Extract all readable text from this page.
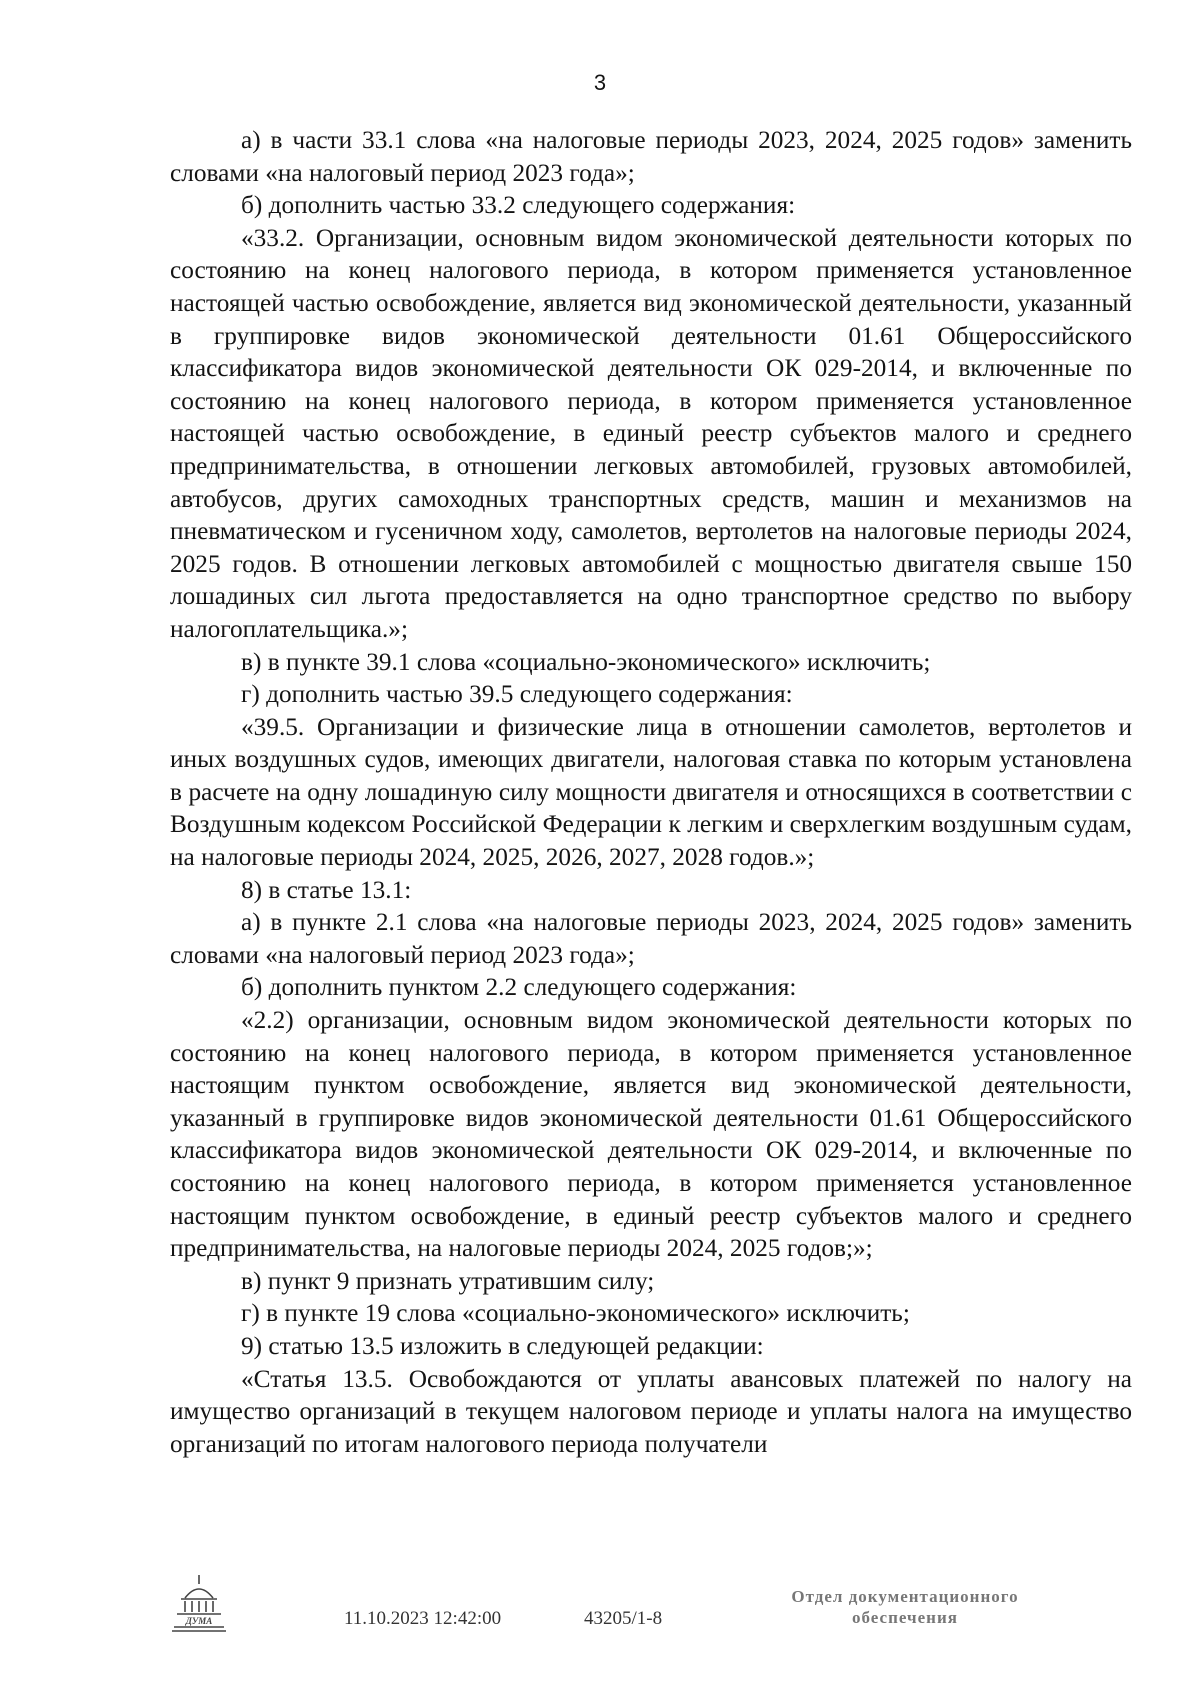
3

а) в части 33.1 слова «на налоговые периоды 2023, 2024, 2025 годов» заменить словами «на налоговый период 2023 года»;

б) дополнить частью 33.2 следующего содержания:

«33.2. Организации, основным видом экономической деятельности которых по состоянию на конец налогового периода, в котором применяется установленное настоящей частью освобождение, является вид экономической деятельности, указанный в группировке видов экономической деятельности 01.61 Общероссийского классификатора видов экономической деятельности ОК 029-2014, и включенные по состоянию на конец налогового периода, в котором применяется установленное настоящей частью освобождение, в единый реестр субъектов малого и среднего предпринимательства, в отношении легковых автомобилей, грузовых автомобилей, автобусов, других самоходных транспортных средств, машин и механизмов на пневматическом и гусеничном ходу, самолетов, вертолетов на налоговые периоды 2024, 2025 годов. В отношении легковых автомобилей с мощностью двигателя свыше 150 лошадиных сил льгота предоставляется на одно транспортное средство по выбору налогоплательщика.»;

в) в пункте 39.1 слова «социально-экономического» исключить;

г) дополнить частью 39.5 следующего содержания:

«39.5. Организации и физические лица в отношении самолетов, вертолетов и иных воздушных судов, имеющих двигатели, налоговая ставка по которым установлена в расчете на одну лошадиную силу мощности двигателя и относящихся в соответствии с Воздушным кодексом Российской Федерации к легким и сверхлегким воздушным судам, на налоговые периоды 2024, 2025, 2026, 2027, 2028 годов.»;

8) в статье 13.1:

а) в пункте 2.1 слова «на налоговые периоды 2023, 2024, 2025 годов» заменить словами «на налоговый период 2023 года»;

б) дополнить пунктом 2.2 следующего содержания:

«2.2) организации, основным видом экономической деятельности которых по состоянию на конец налогового периода, в котором применяется установленное настоящим пунктом освобождение, является вид экономической деятельности, указанный в группировке видов экономической деятельности 01.61 Общероссийского классификатора видов экономической деятельности ОК 029-2014, и включенные по состоянию на конец налогового периода, в котором применяется установленное настоящим пунктом освобождение, в единый реестр субъектов малого и среднего предпринимательства, на налоговые периоды 2024, 2025 годов;»;

в) пункт 9 признать утратившим силу;

г) в пункте 19 слова «социально-экономического» исключить;

9) статью 13.5 изложить в следующей редакции:

«Статья 13.5. Освобождаются от уплаты авансовых платежей по налогу на имущество организаций в текущем налоговом периоде и уплаты налога на имущество организаций по итогам налогового периода получатели

ДУМА	11.10.2023 12:42:00	43205/1-8
Отдел документационного
обеспечения
